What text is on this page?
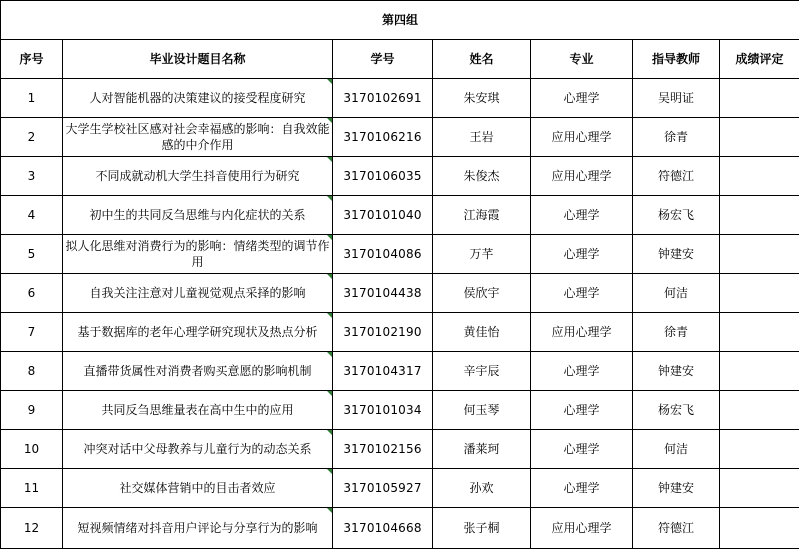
第四组						
序号	毕业设计题目名称	学号	姓名	专业	指导教师	成绩评定
1	人对智能机器的决策建议的接受程度研究	3170102691	朱安琪	心理学	吴明证	
2	大学生学校社区感对社会幸福感的影响：自我效能感的中介作用	3170106216	王岩	应用心理学	徐青	
3	不同成就动机大学生抖音使用行为研究	3170106035	朱俊杰	应用心理学	符德江	
4	初中生的共同反刍思维与内化症状的关系	3170101040	江海霞	心理学	杨宏飞	
5	拟人化思维对消费行为的影响：情绪类型的调节作用	3170104086	万芊	心理学	钟建安	
6	自我关注注意对儿童视觉观点采择的影响	3170104438	侯欣宇	心理学	何洁	
7	基于数据库的老年心理学研究现状及热点分析	3170102190	黄佳怡	应用心理学	徐青	
8	直播带货属性对消费者购买意愿的影响机制	3170104317	辛宇辰	心理学	钟建安	
9	共同反刍思维量表在高中生中的应用	3170101034	何玉琴	心理学	杨宏飞	
10	冲突对话中父母教养与儿童行为的动态关系	3170102156	潘莱珂	心理学	何洁	
11	社交媒体营销中的目击者效应	3170105927	孙欢	心理学	钟建安	
12	短视频情绪对抖音用户评论与分享行为的影响	3170104668	张子桐	应用心理学	符德江	
